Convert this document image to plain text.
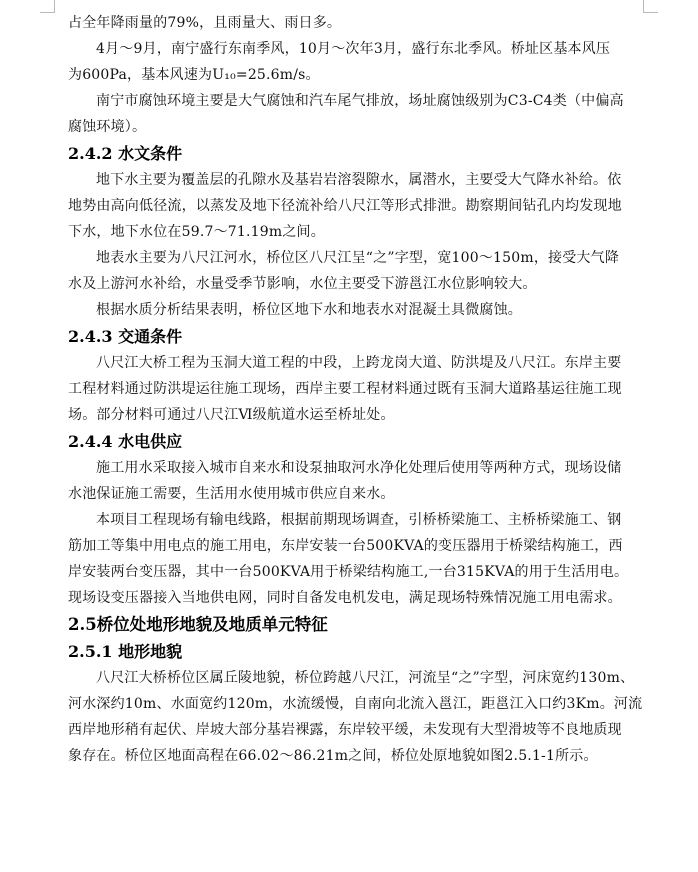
占全年降雨量的79%，且雨量大、雨日多。
4月～9月，南宁盛行东南季风，10月～次年3月，盛行东北季风。桥址区基本风压
为600Pa，基本风速为U₁₀=25.6m/s。
南宁市腐蚀环境主要是大气腐蚀和汽车尾气排放，场址腐蚀级别为C3-C4类（中偏高
腐蚀环境）。
2.4.2 水文条件
地下水主要为覆盖层的孔隙水及基岩岩溶裂隙水，属潜水，主要受大气降水补给。依
地势由高向低径流，以蒸发及地下径流补给八尺江等形式排泄。勘察期间钻孔内均发现地
下水，地下水位在59.7～71.19m之间。
地表水主要为八尺江河水，桥位区八尺江呈“之”字型，宽100～150m，接受大气降
水及上游河水补给，水量受季节影响，水位主要受下游邕江水位影响较大。
根据水质分析结果表明，桥位区地下水和地表水对混凝土具微腐蚀。
2.4.3 交通条件
八尺江大桥工程为玉洞大道工程的中段，上跨龙岗大道、防洪堤及八尺江。东岸主要
工程材料通过防洪堤运往施工现场，西岸主要工程材料通过既有玉洞大道路基运往施工现
场。部分材料可通过八尺江Ⅵ级航道水运至桥址处。
2.4.4 水电供应
施工用水采取接入城市自来水和设泵抽取河水净化处理后使用等两种方式，现场设储
水池保证施工需要，生活用水使用城市供应自来水。
本项目工程现场有输电线路，根据前期现场调查，引桥桥梁施工、主桥桥梁施工、钢
筋加工等集中用电点的施工用电，东岸安装一台500KVA的变压器用于桥梁结构施工，西
岸安装两台变压器，其中一台500KVA用于桥梁结构施工,一台315KVA的用于生活用电。
现场设变压器接入当地供电网，同时自备发电机发电，满足现场特殊情况施工用电需求。
2.5桥位处地形地貌及地质单元特征
2.5.1 地形地貌
八尺江大桥桥位区属丘陵地貌，桥位跨越八尺江，河流呈“之”字型，河床宽约130m、
河水深约10m、水面宽约120m，水流缓慢，自南向北流入邕江，距邕江入口约3Km。河流
西岸地形稍有起伏、岸坡大部分基岩裸露，东岸较平缓，未发现有大型滑坡等不良地质现
象存在。桥位区地面高程在66.02～86.21m之间，桥位处原地貌如图2.5.1-1所示。
